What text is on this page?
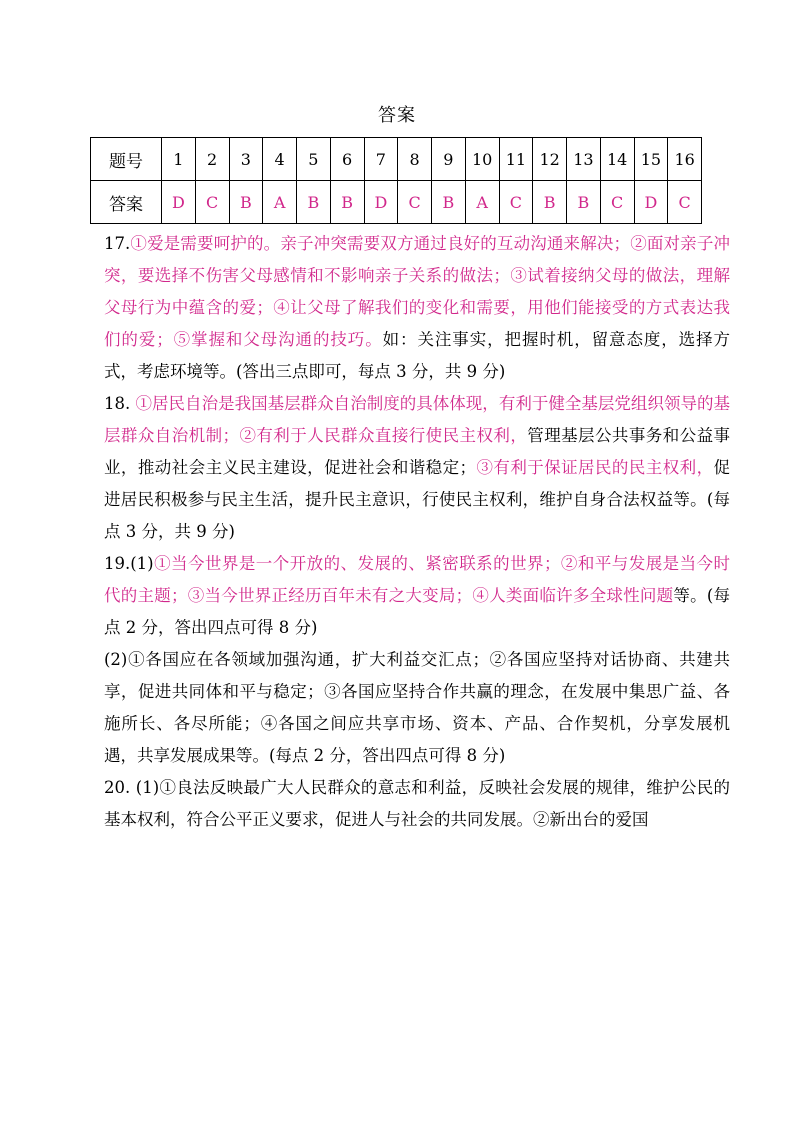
答案
题号	1	2	3	4	5	6	7	8	9	10	11	12	13	14	15	16
答案	D	C	B	A	B	B	D	C	B	A	C	B	B	C	D	C

17.①爱是需要呵护的。亲子冲突需要双方通过良好的互动沟通来解决；②面对亲子冲突，要选择不伤害父母感情和不影响亲子关系的做法；③试着接纳父母的做法，理解父母行为中蕴含的爱；④让父母了解我们的变化和需要，用他们能接受的方式表达我们的爱；⑤掌握和父母沟通的技巧。如：关注事实，把握时机，留意态度，选择方式，考虑环境等。(答出三点即可，每点 3 分，共 9 分)

18. ①居民自治是我国基层群众自治制度的具体体现，有利于健全基层党组织领导的基层群众自治机制；②有利于人民群众直接行使民主权利，管理基层公共事务和公益事业，推动社会主义民主建设，促进社会和谐稳定；③有利于保证居民的民主权利，促进居民积极参与民主生活，提升民主意识，行使民主权利，维护自身合法权益等。(每点 3 分，共 9 分)

19.(1)①当今世界是一个开放的、发展的、紧密联系的世界；②和平与发展是当今时代的主题；③当今世界正经历百年未有之大变局；④人类面临许多全球性问题等。(每点 2 分，答出四点可得 8 分)

(2)①各国应在各领域加强沟通，扩大利益交汇点；②各国应坚持对话协商、共建共享，促进共同体和平与稳定；③各国应坚持合作共赢的理念，在发展中集思广益、各施所长、各尽所能；④各国之间应共享市场、资本、产品、合作契机，分享发展机遇，共享发展成果等。(每点 2 分，答出四点可得 8 分)

20. (1)①良法反映最广大人民群众的意志和利益，反映社会发展的规律，维护公民的基本权利，符合公平正义要求，促进人与社会的共同发展。②新出台的爱国
